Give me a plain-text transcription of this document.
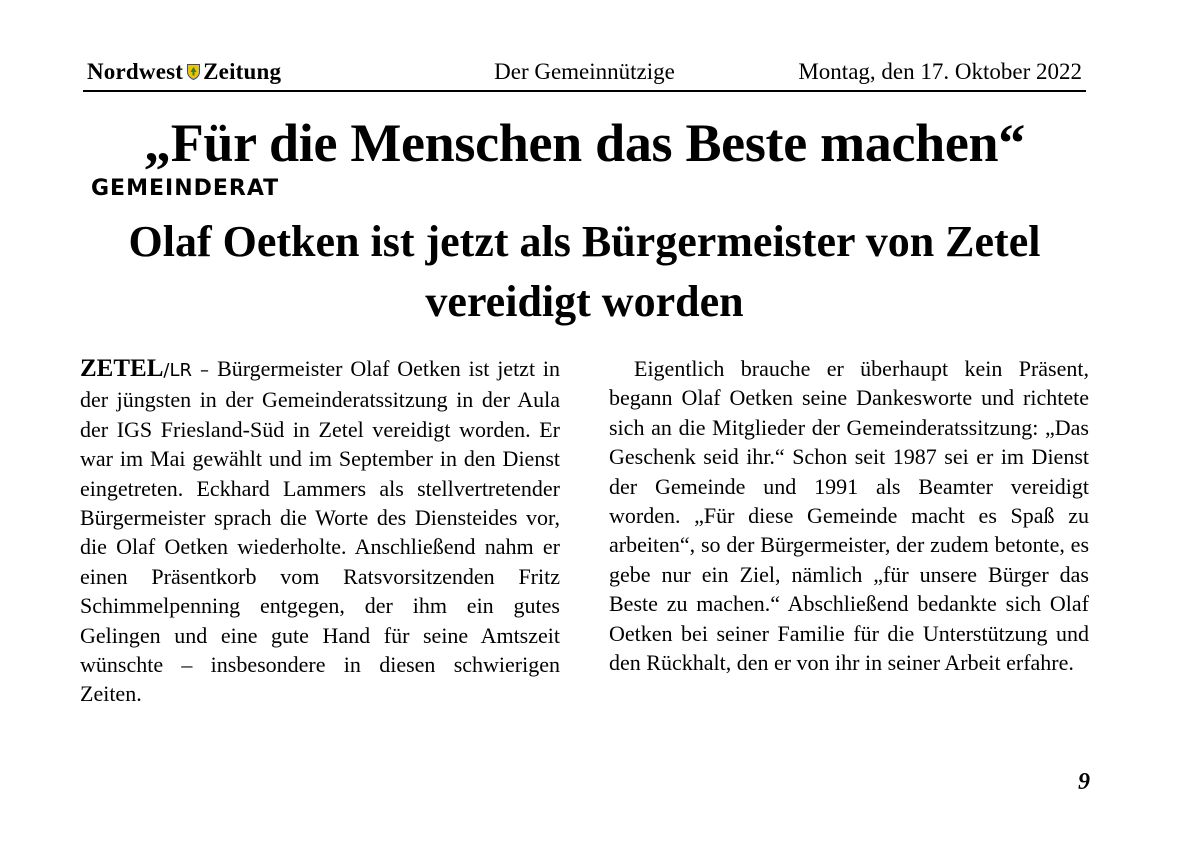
Nordwest Zeitung	Der Gemeinnützige	Montag, den 17. Oktober 2022
„Für die Menschen das Beste machen“
GEMEINDERAT
Olaf Oetken ist jetzt als Bürgermeister von Zetel vereidigt worden
ZETEL/LR – Bürgermeister Olaf Oetken ist jetzt in der jüngsten in der Gemeinderatssitzung in der Aula der IGS Friesland-Süd in Zetel vereidigt worden. Er war im Mai gewählt und im September in den Dienst eingetreten. Eckhard Lammers als stellvertretender Bürgermeister sprach die Worte des Diensteides vor, die Olaf Oetken wiederholte. Anschließend nahm er einen Präsentkorb vom Ratsvorsitzenden Fritz Schimmelpenning entgegen, der ihm ein gutes Gelingen und eine gute Hand für seine Amtszeit wünschte – insbesondere in diesen schwierigen Zeiten.
Eigentlich brauche er überhaupt kein Präsent, begann Olaf Oetken seine Dankesworte und richtete sich an die Mitglieder der Gemeinderatssitzung: „Das Geschenk seid ihr.“ Schon seit 1987 sei er im Dienst der Gemeinde und 1991 als Beamter vereidigt worden. „Für diese Gemeinde macht es Spaß zu arbeiten“, so der Bürgermeister, der zudem betonte, es gebe nur ein Ziel, nämlich „für unsere Bürger das Beste zu machen.“ Abschließend bedankte sich Olaf Oetken bei seiner Familie für die Unterstützung und den Rückhalt, den er von ihr in seiner Arbeit erfahre.
9
